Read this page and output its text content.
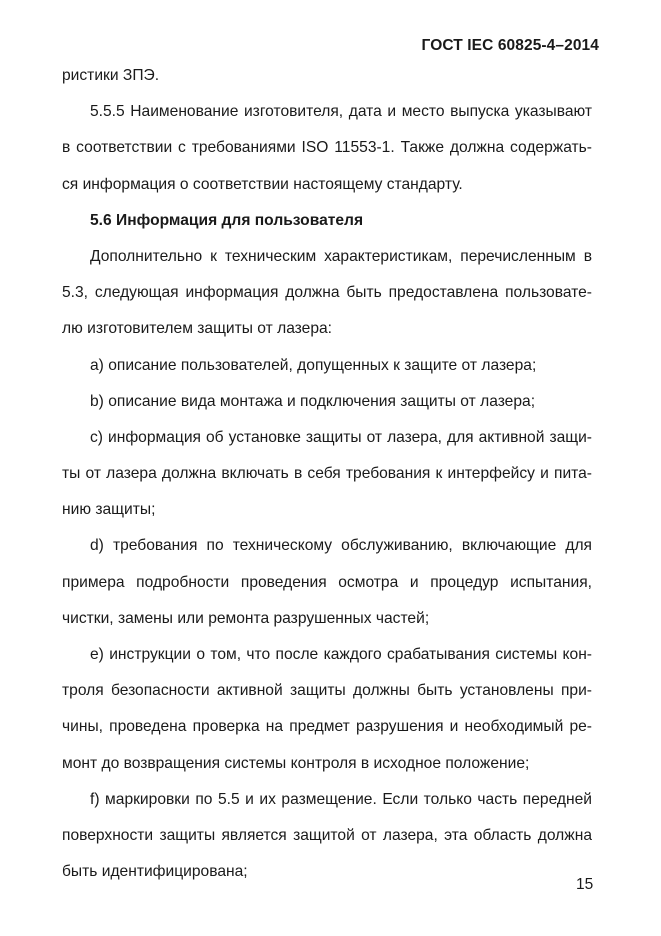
ГОСТ IEC 60825-4–2014
ристики ЗПЭ.
5.5.5 Наименование изготовителя, дата и место выпуска указывают
в соответствии с требованиями ISO 11553-1. Также должна содержать-
ся информация о соответствии настоящему стандарту.
5.6 Информация для пользователя
Дополнительно к техническим характеристикам, перечисленным в
5.3, следующая информация должна быть предоставлена пользовате-
лю изготовителем защиты от лазера:
а) описание пользователей, допущенных к защите от лазера;
b) описание вида монтажа и подключения защиты от лазера;
с) информация об установке защиты от лазера, для активной защи-
ты от лазера должна включать в себя требования к интерфейсу и пита-
нию защиты;
d) требования по техническому обслуживанию, включающие для
примера подробности проведения осмотра и процедур испытания,
чистки, замены или ремонта разрушенных частей;
е) инструкции о том, что после каждого срабатывания системы кон-
троля безопасности активной защиты должны быть установлены при-
чины, проведена проверка на предмет разрушения и необходимый ре-
монт до возвращения системы контроля в исходное положение;
f) маркировки по 5.5 и их размещение. Если только часть передней
поверхности защиты является защитой от лазера, эта область должна
быть идентифицирована;
15
